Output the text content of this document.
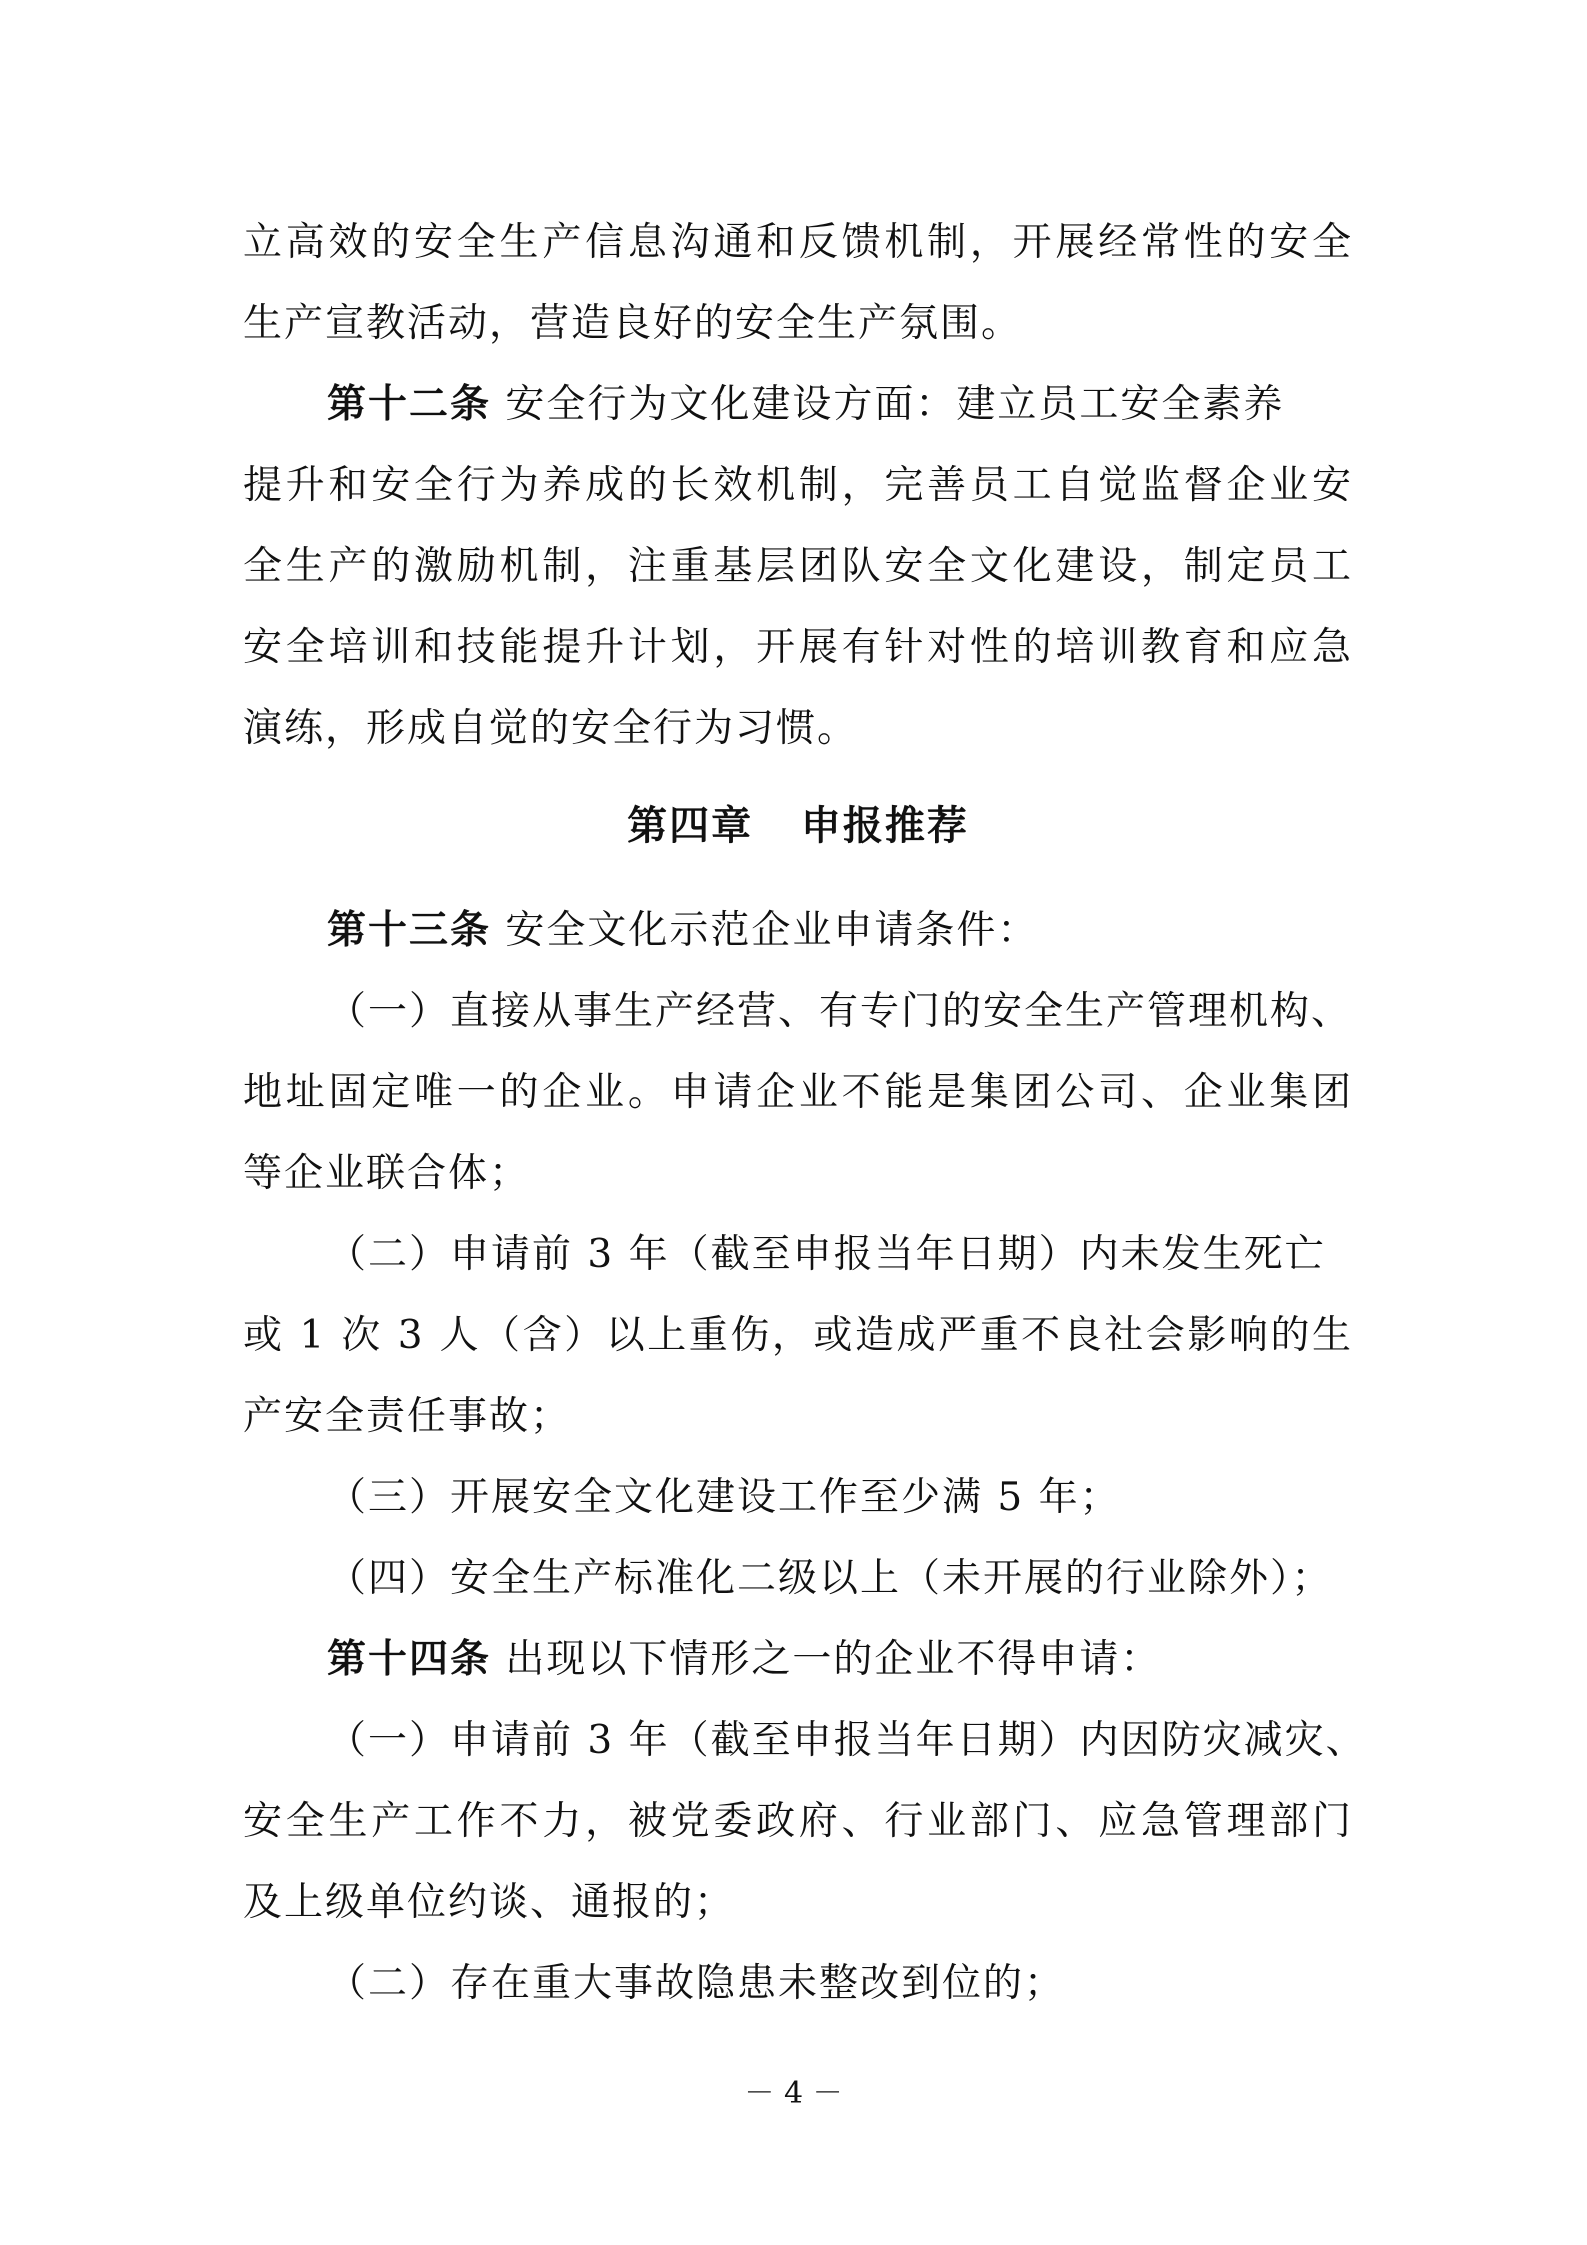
立高效的安全生产信息沟通和反馈机制，开展经常性的安全
生产宣教活动，营造良好的安全生产氛围。
第十二条 安全行为文化建设方面：建立员工安全素养
提升和安全行为养成的长效机制，完善员工自觉监督企业安
全生产的激励机制，注重基层团队安全文化建设，制定员工
安全培训和技能提升计划，开展有针对性的培训教育和应急
演练，形成自觉的安全行为习惯。
第四章 申报推荐
第十三条 安全文化示范企业申请条件：
（一）直接从事生产经营、有专门的安全生产管理机构、
地址固定唯一的企业。申请企业不能是集团公司、企业集团
等企业联合体；
（二）申请前 3 年（截至申报当年日期）内未发生死亡
或 1 次 3 人（含）以上重伤，或造成严重不良社会影响的生
产安全责任事故；
（三）开展安全文化建设工作至少满 5 年；
（四）安全生产标准化二级以上（未开展的行业除外）；
第十四条 出现以下情形之一的企业不得申请：
（一）申请前 3 年（截至申报当年日期）内因防灾减灾、
安全生产工作不力，被党委政府、行业部门、应急管理部门
及上级单位约谈、通报的；
（二）存在重大事故隐患未整改到位的；
－ 4 －
